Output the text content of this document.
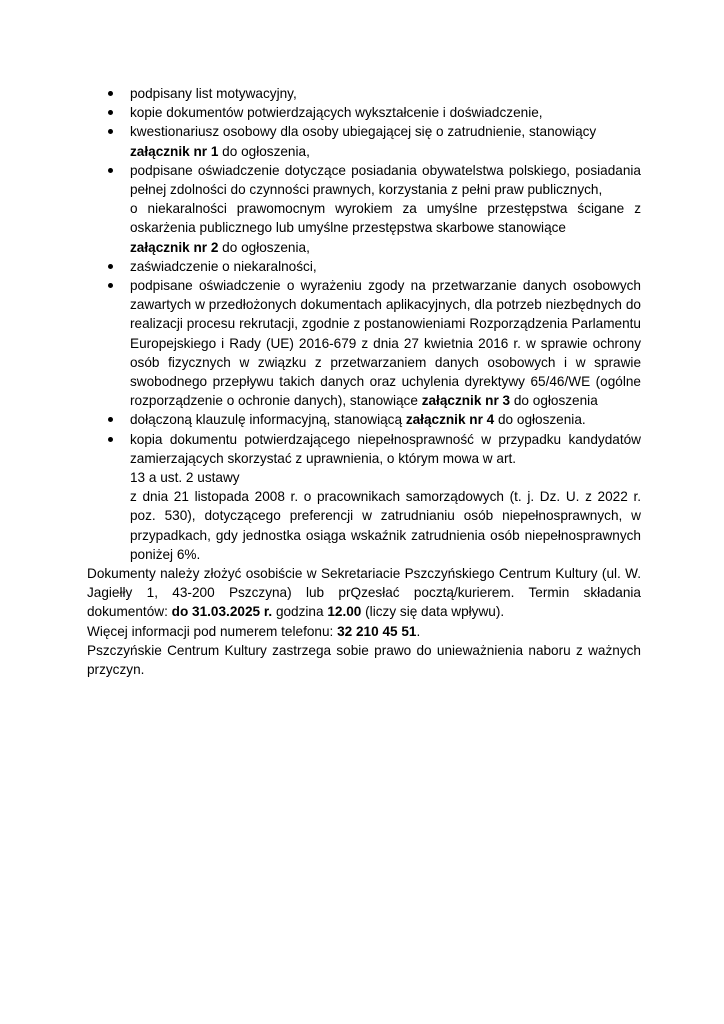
podpisany list motywacyjny,
kopie dokumentów potwierdzających wykształcenie i doświadczenie,
kwestionariusz osobowy dla osoby ubiegającej się o zatrudnienie, stanowiący
załącznik nr 1 do ogłoszenia,
podpisane oświadczenie dotyczące posiadania obywatelstwa polskiego, posiadania pełnej zdolności do czynności prawnych, korzystania z pełni praw publicznych,
o niekaralności prawomocnym wyrokiem za umyślne przestępstwa ścigane z oskarżenia publicznego lub umyślne przestępstwa skarbowe stanowiące
załącznik nr 2 do ogłoszenia,
zaświadczenie o niekaralności,
podpisane oświadczenie o wyrażeniu zgody na przetwarzanie danych osobowych zawartych w przedłożonych dokumentach aplikacyjnych, dla potrzeb niezbędnych do realizacji procesu rekrutacji, zgodnie z postanowieniami Rozporządzenia Parlamentu Europejskiego i Rady (UE) 2016-679 z dnia 27 kwietnia 2016 r. w sprawie ochrony osób fizycznych w związku z przetwarzaniem danych osobowych i w sprawie swobodnego przepływu takich danych oraz uchylenia dyrektywy 65/46/WE (ogólne rozporządzenie o ochronie danych), stanowiące załącznik nr 3 do ogłoszenia
dołączoną klauzulę informacyjną, stanowiącą załącznik nr 4 do ogłoszenia.
kopia dokumentu potwierdzającego niepełnosprawność w przypadku kandydatów zamierzających skorzystać z uprawnienia, o którym mowa w art.
13 a ust. 2 ustawy
z dnia 21 listopada 2008 r. o pracownikach samorządowych (t. j. Dz. U. z 2022 r. poz. 530), dotyczącego preferencji w zatrudnianiu osób niepełnosprawnych, w przypadkach, gdy jednostka osiąga wskaźnik zatrudnienia osób niepełnosprawnych poniżej 6%.

Dokumenty należy złożyć osobiście w Sekretariacie Pszczyńskiego Centrum Kultury (ul. W. Jagiełły 1, 43-200 Pszczyna) lub prQzesłać pocztą/kurierem. Termin składania dokumentów: do 31.03.2025 r. godzina 12.00 (liczy się data wpływu).

Więcej informacji pod numerem telefonu: 32 210 45 51.

Pszczyńskie Centrum Kultury zastrzega sobie prawo do unieważnienia naboru z ważnych przyczyn.
